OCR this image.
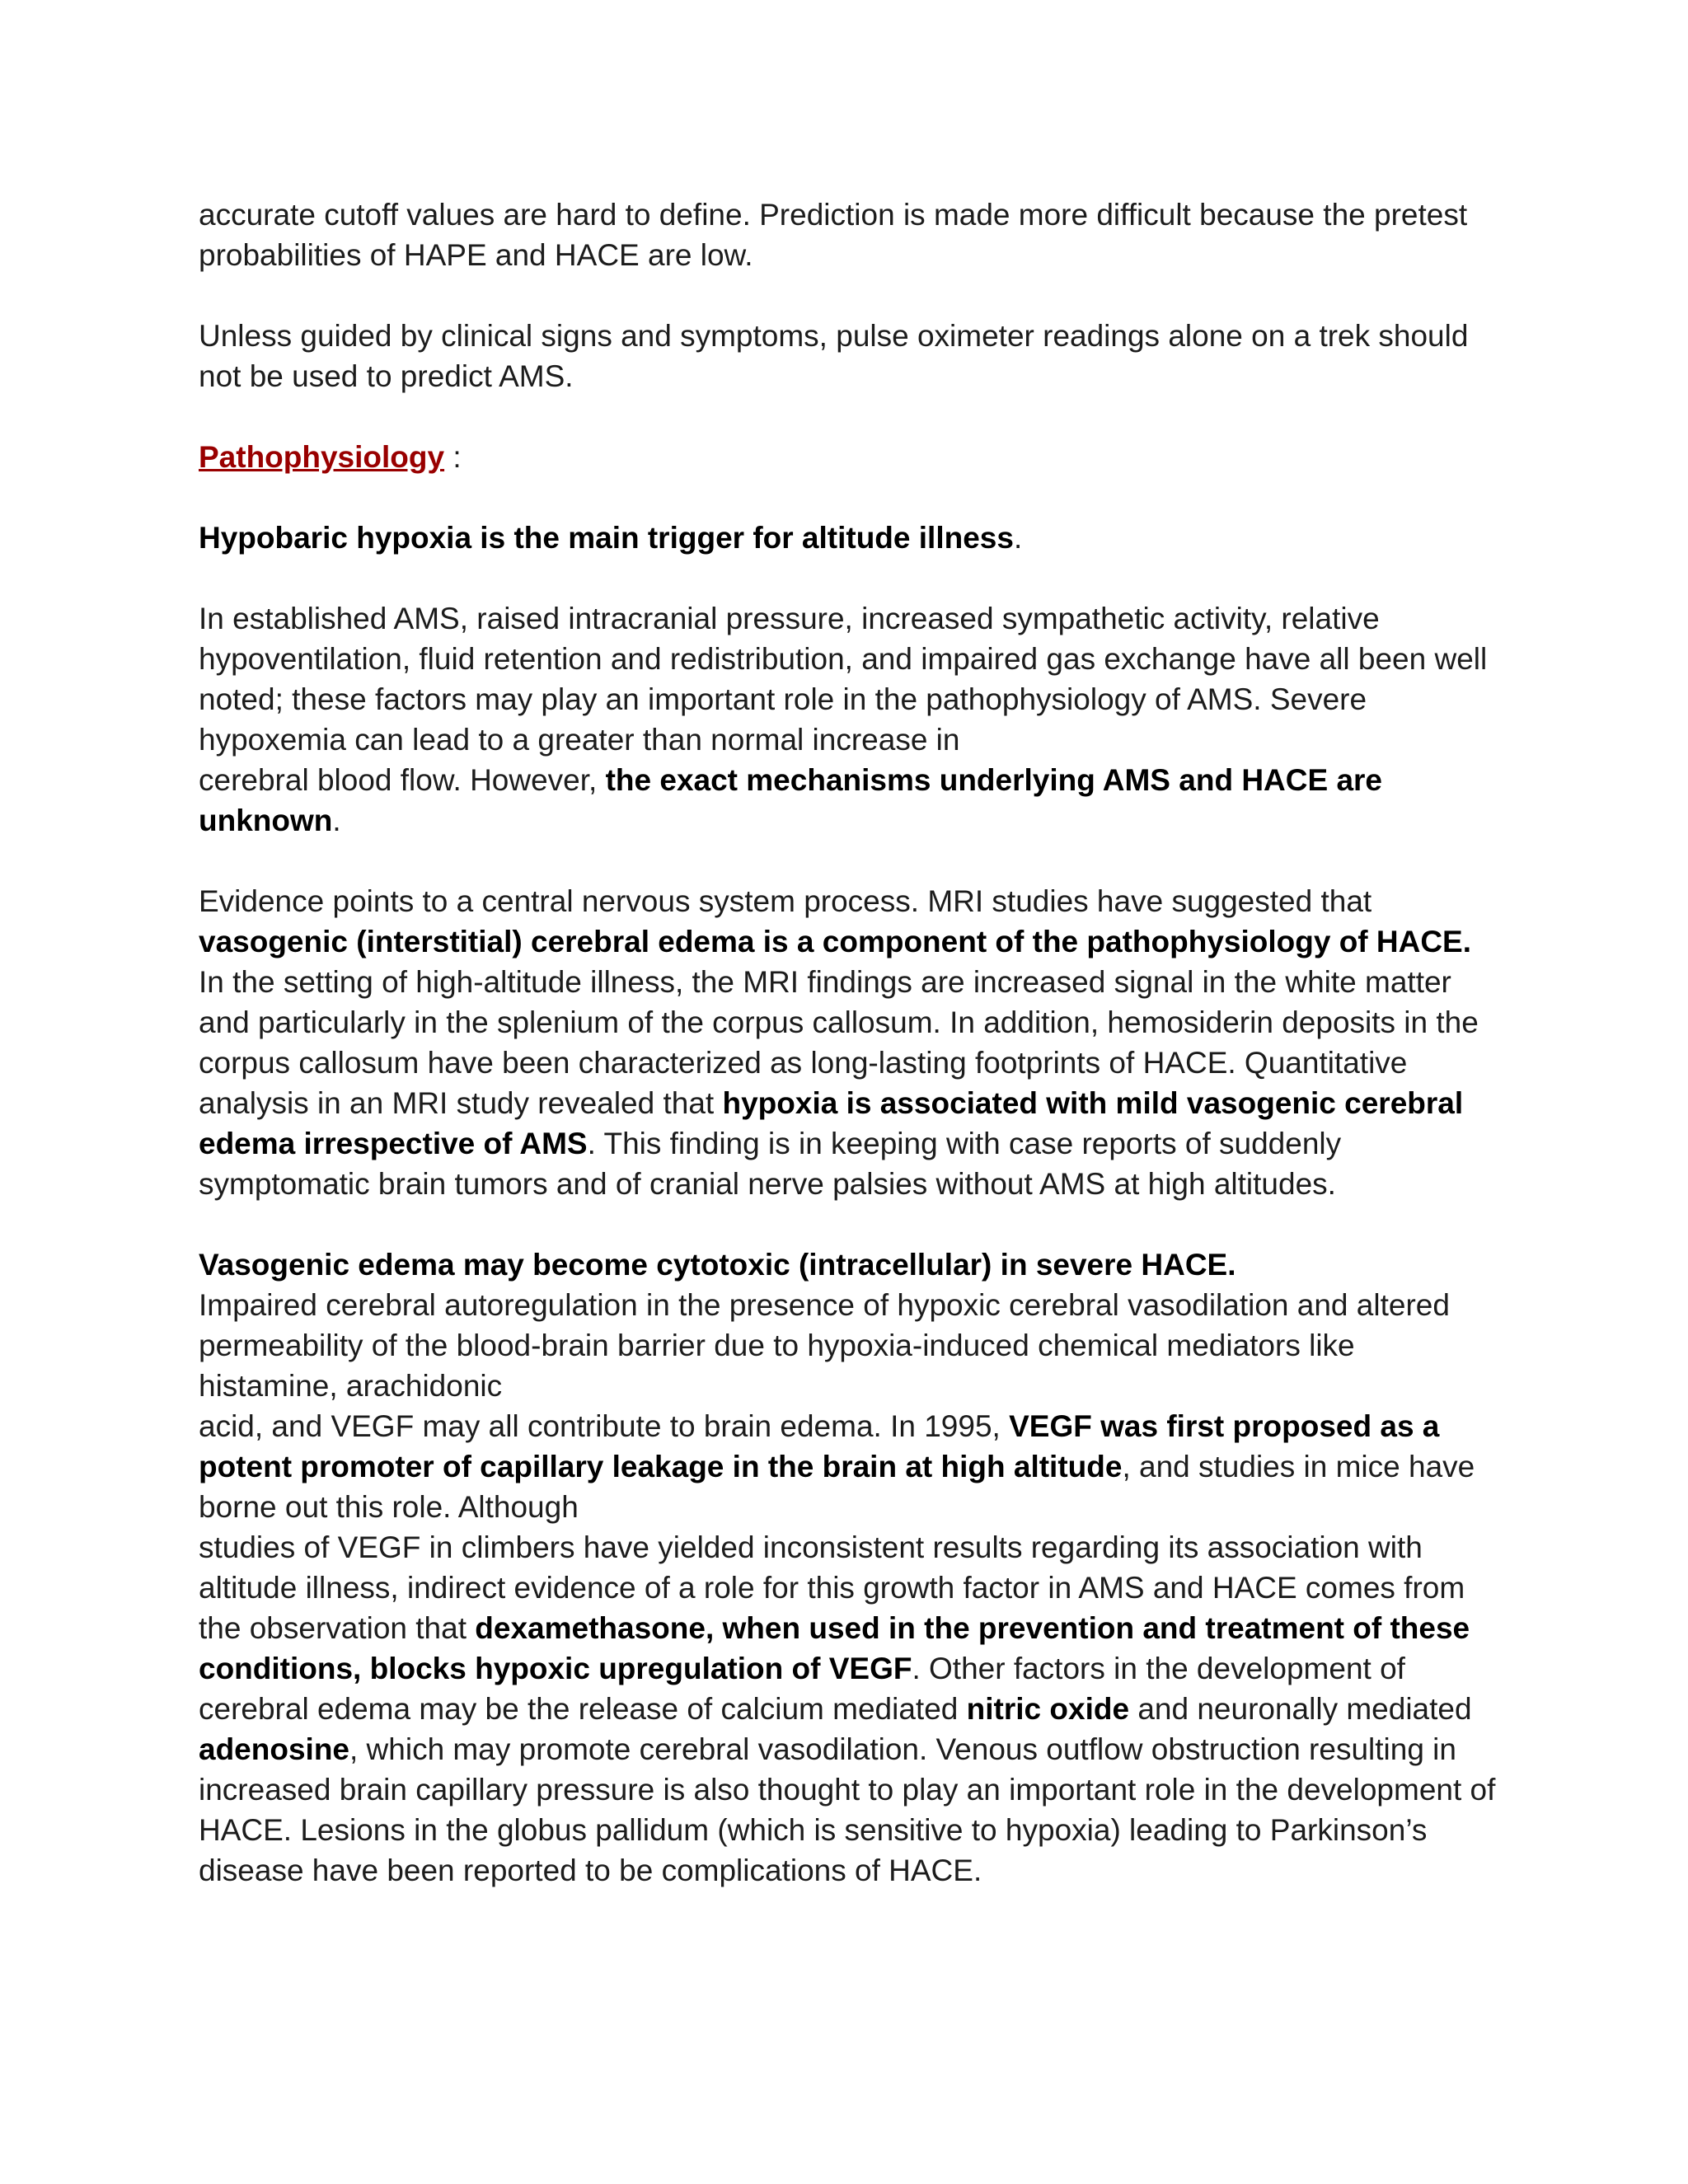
accurate cutoff values are hard to define. Prediction is made more difficult because the pretest probabilities of HAPE and HACE are low.

Unless guided by clinical signs and symptoms, pulse oximeter readings alone on a trek should not be used to predict AMS.

Pathophysiology :

Hypobaric hypoxia is the main trigger for altitude illness.

In established AMS, raised intracranial pressure, increased sympathetic activity, relative hypoventilation, fluid retention and redistribution, and impaired gas exchange have all been well noted; these factors may play an important role in the pathophysiology of AMS. Severe hypoxemia can lead to a greater than normal increase in
cerebral blood flow. However, the exact mechanisms underlying AMS and HACE are unknown.

Evidence points to a central nervous system process. MRI studies have suggested that vasogenic (interstitial) cerebral edema is a component of the pathophysiology of HACE. In the setting of high-altitude illness, the MRI findings are increased signal in the white matter and particularly in the splenium of the corpus callosum. In addition, hemosiderin deposits in the corpus callosum have been characterized as long-lasting footprints of HACE. Quantitative analysis in an MRI study revealed that hypoxia is associated with mild vasogenic cerebral edema irrespective of AMS. This finding is in keeping with case reports of suddenly symptomatic brain tumors and of cranial nerve palsies without AMS at high altitudes.

Vasogenic edema may become cytotoxic (intracellular) in severe HACE.
Impaired cerebral autoregulation in the presence of hypoxic cerebral vasodilation and altered permeability of the blood-brain barrier due to hypoxia-induced chemical mediators like histamine, arachidonic
acid, and VEGF may all contribute to brain edema. In 1995, VEGF was first proposed as a potent promoter of capillary leakage in the brain at high altitude, and studies in mice have borne out this role. Although
studies of VEGF in climbers have yielded inconsistent results regarding its association with altitude illness, indirect evidence of a role for this growth factor in AMS and HACE comes from the observation that dexamethasone, when used in the prevention and treatment of these conditions, blocks hypoxic upregulation of VEGF. Other factors in the development of cerebral edema may be the release of calcium mediated nitric oxide and neuronally mediated adenosine, which may promote cerebral vasodilation. Venous outflow obstruction resulting in increased brain capillary pressure is also thought to play an important role in the development of HACE. Lesions in the globus pallidum (which is sensitive to hypoxia) leading to Parkinson’s disease have been reported to be complications of HACE.
